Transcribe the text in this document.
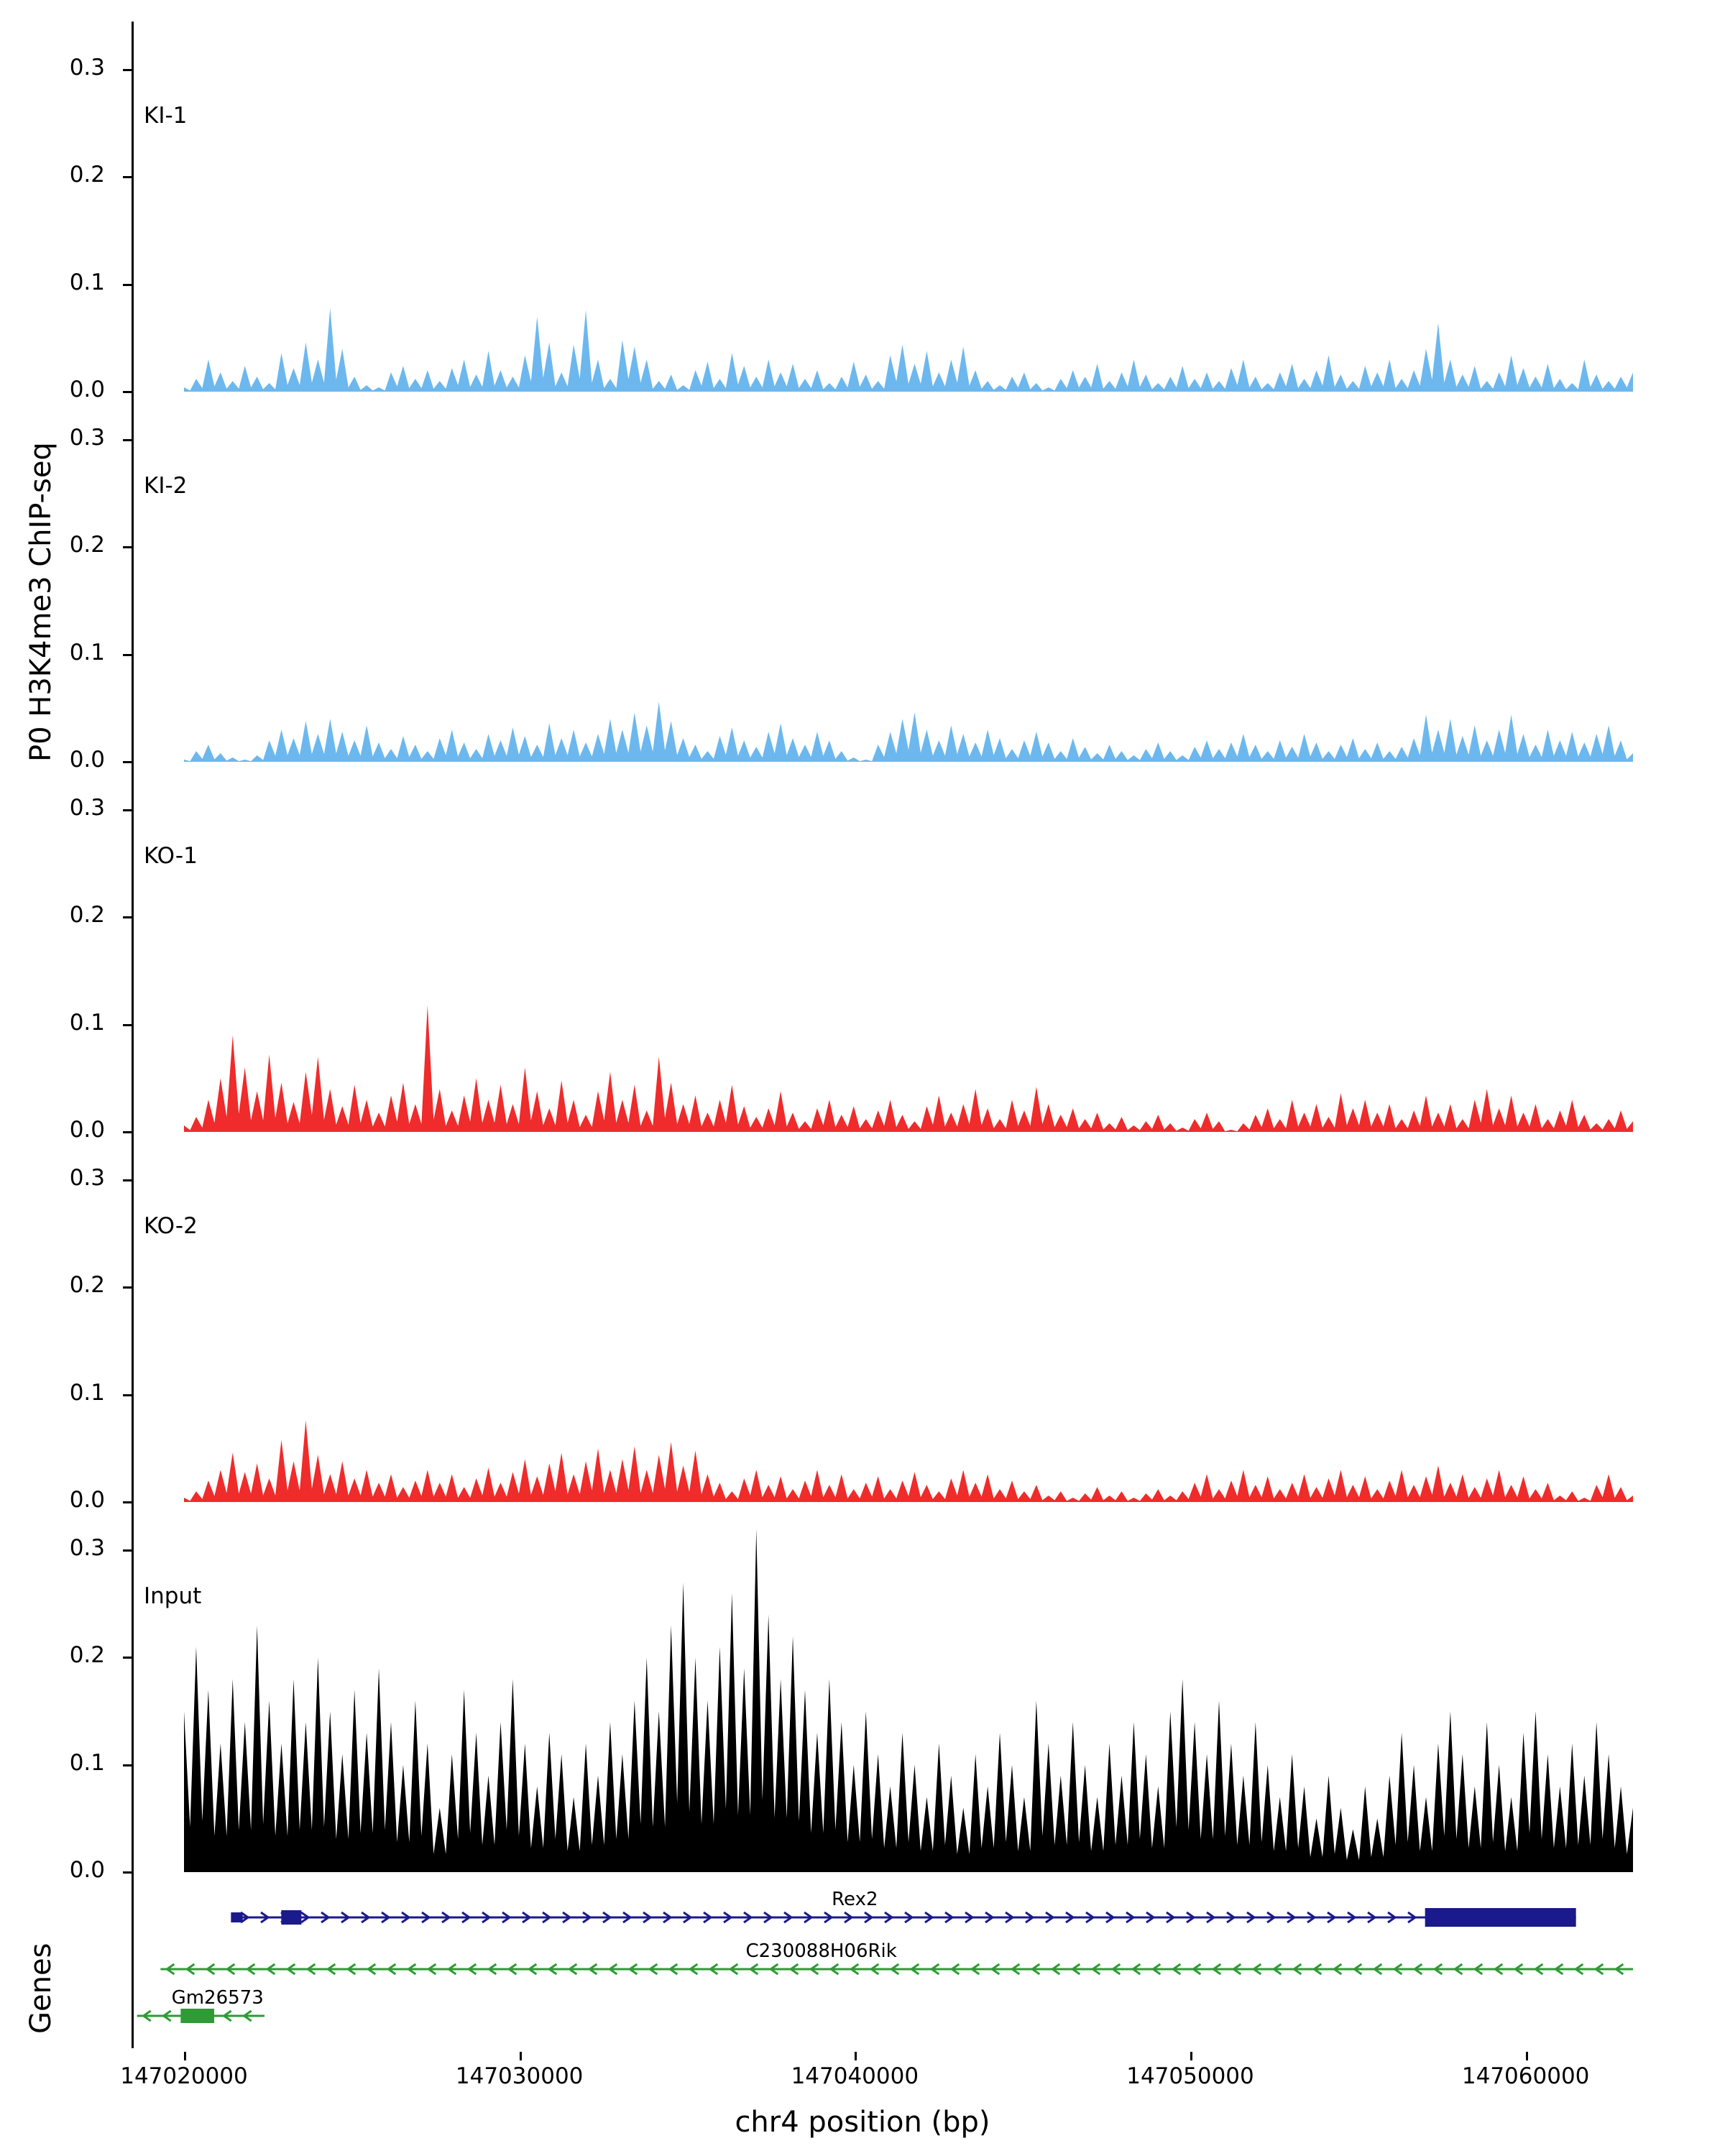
P0 H3K4me3 ChIP-seq
Genes
0.0
0.1
0.2
0.3
KI-1
0.0
0.1
0.2
0.3
KI-2
0.0
0.1
0.2
0.3
KO-1
0.0
0.1
0.2
0.3
KO-2
0.0
0.1
0.2
0.3
Input
147020000	147030000	147040000	147050000	147060000
chr4 position (bp)
Rex2
C230088H06Rik
Gm26573
